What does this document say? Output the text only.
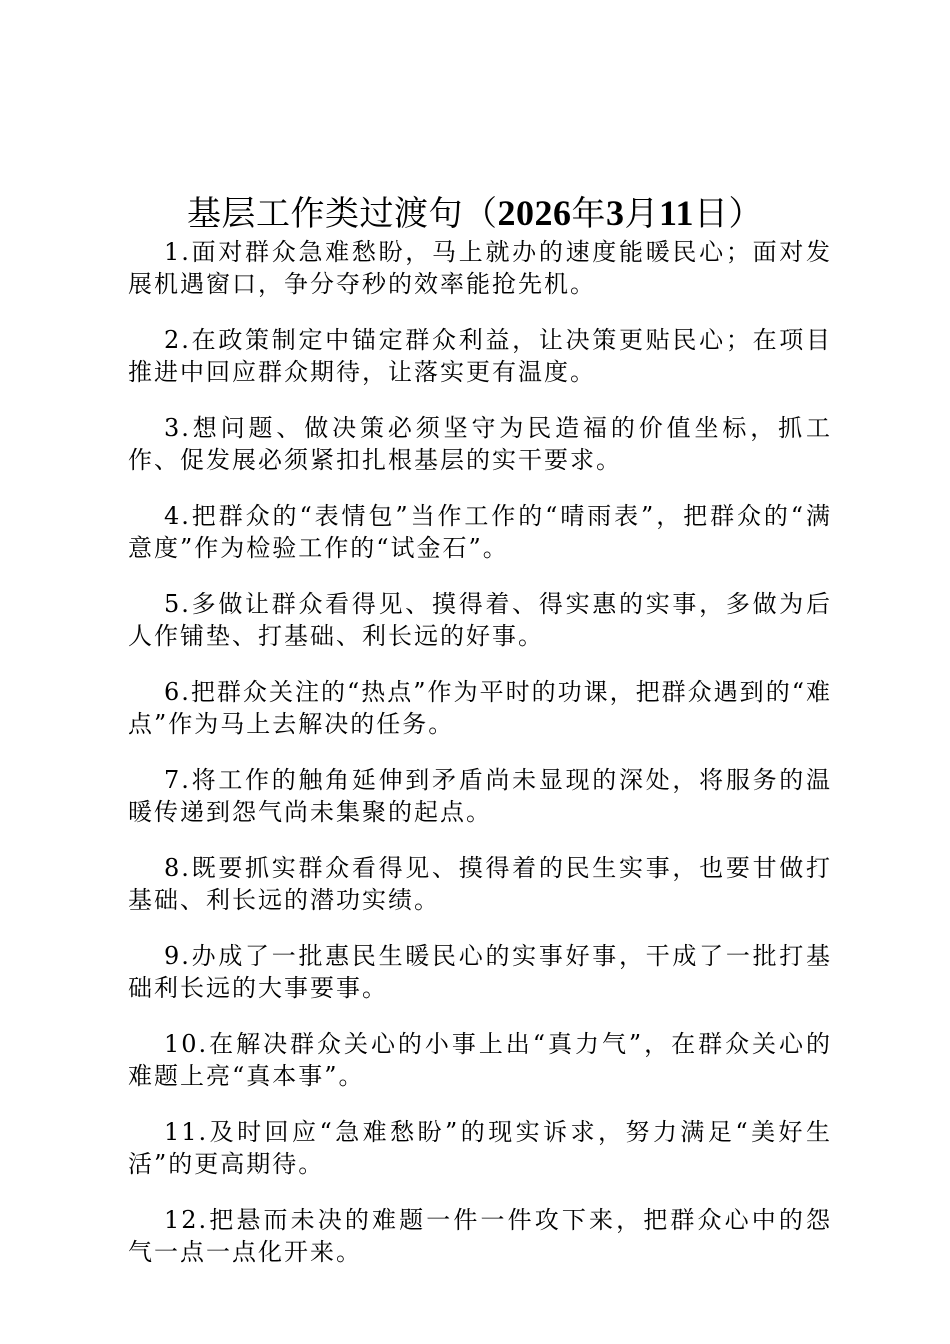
基层工作类过渡句（2026年3月11日）

1.面对群众急难愁盼，马上就办的速度能暖民心；面对发展机遇窗口，争分夺秒的效率能抢先机。

2.在政策制定中锚定群众利益，让决策更贴民心；在项目推进中回应群众期待，让落实更有温度。

3.想问题、做决策必须坚守为民造福的价值坐标，抓工作、促发展必须紧扣扎根基层的实干要求。

4.把群众的“表情包”当作工作的“晴雨表”，把群众的“满意度”作为检验工作的“试金石”。

5.多做让群众看得见、摸得着、得实惠的实事，多做为后人作铺垫、打基础、利长远的好事。

6.把群众关注的“热点”作为平时的功课，把群众遇到的“难点”作为马上去解决的任务。

7.将工作的触角延伸到矛盾尚未显现的深处，将服务的温暖传递到怨气尚未集聚的起点。

8.既要抓实群众看得见、摸得着的民生实事，也要甘做打基础、利长远的潜功实绩。

9.办成了一批惠民生暖民心的实事好事，干成了一批打基础利长远的大事要事。

10.在解决群众关心的小事上出“真力气”，在群众关心的难题上亮“真本事”。

11.及时回应“急难愁盼”的现实诉求，努力满足“美好生活”的更高期待。

12.把悬而未决的难题一件一件攻下来，把群众心中的怨气一点一点化开来。
